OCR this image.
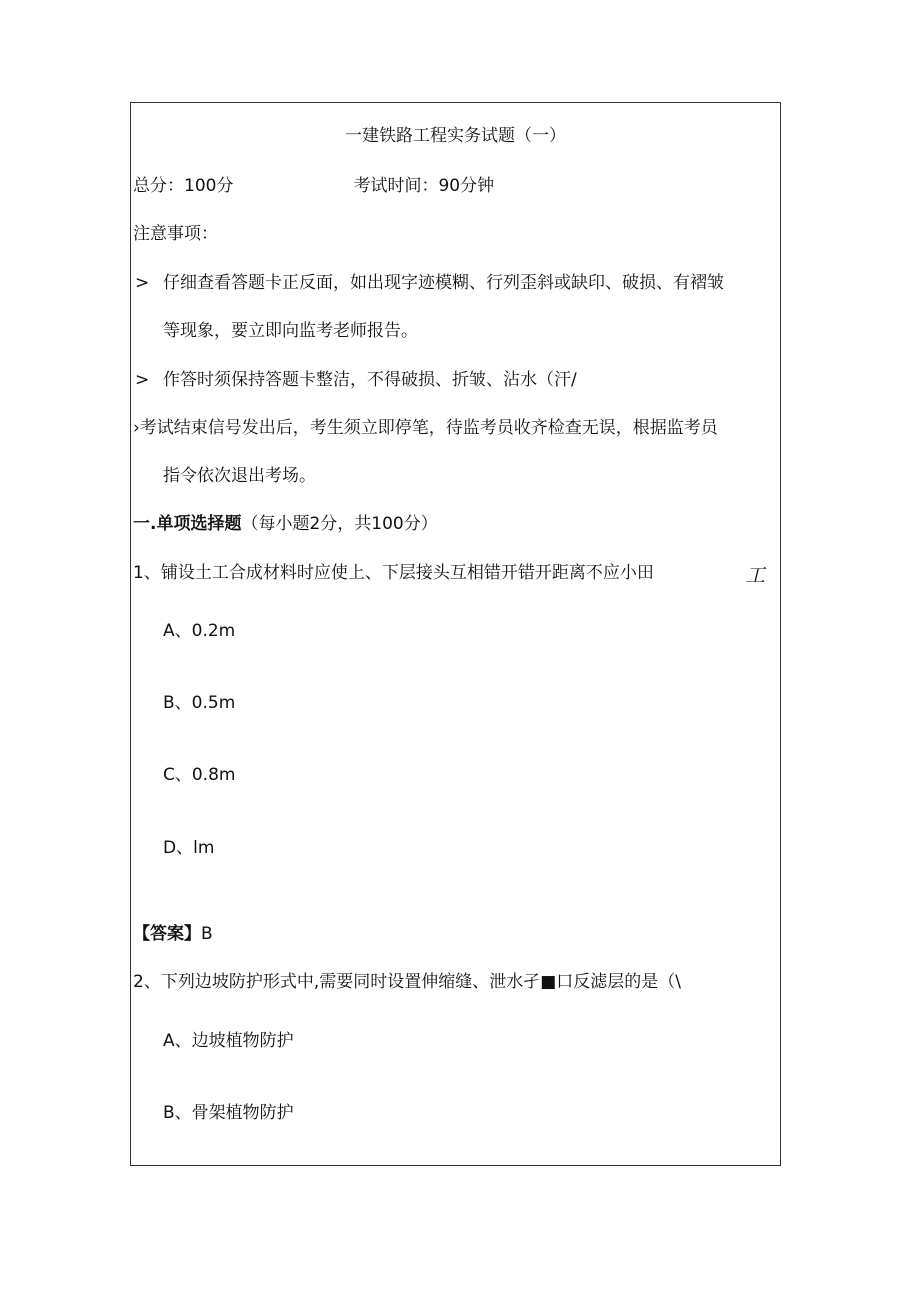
一建铁路工程实务试题（一）
总分：100分	考试时间：90分钟
注意事项：
> 仔细查看答题卡正反面，如出现字迹模糊、行列歪斜或缺印、破损、有褶皱
等现象，要立即向监考老师报告。
> 作答时须保持答题卡整洁，不得破损、折皱、沾水（汗/
›考试结束信号发出后，考生须立即停笔，待监考员收齐检查无误，根据监考员
指令依次退出考场。
一.单项选择题（每小题2分，共100分）
1、铺设土工合成材料时应使上、下层接头互相错开错开距离不应小田	工
A、0.2m
B、0.5m
C、0.8m
D、lm
【答案】B
2、下列边坡防护形式中,需要同时设置伸缩缝、泄水孑■口反滤层的是（\
A、边坡植物防护
B、骨架植物防护
